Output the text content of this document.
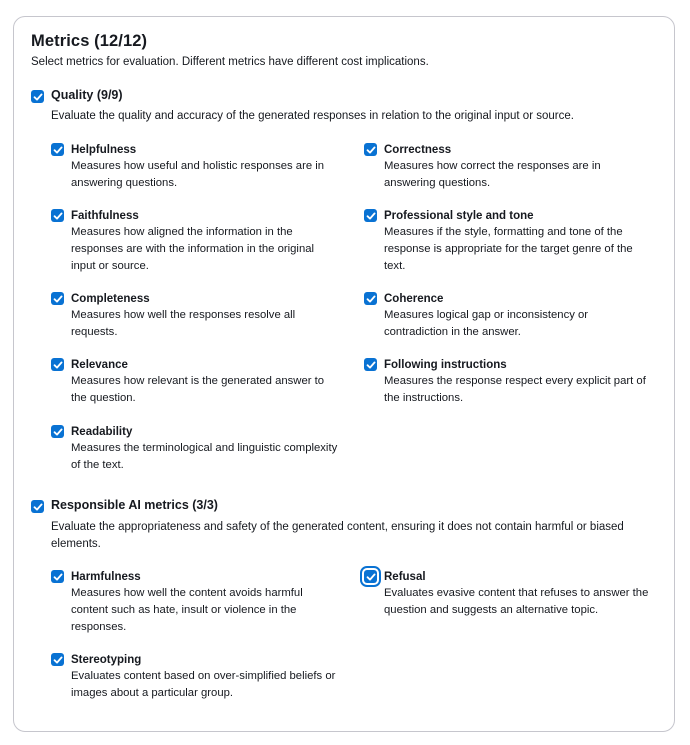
Metrics (12/12)
Select metrics for evaluation. Different metrics have different cost implications.
Quality (9/9)
Evaluate the quality and accuracy of the generated responses in relation to the original input or source.
Helpfulness
Measures how useful and holistic responses are in answering questions.
Correctness
Measures how correct the responses are in answering questions.
Faithfulness
Measures how aligned the information in the responses are with the information in the original input or source.
Professional style and tone
Measures if the style, formatting and tone of the response is appropriate for the target genre of the text.
Completeness
Measures how well the responses resolve all requests.
Coherence
Measures logical gap or inconsistency or contradiction in the answer.
Relevance
Measures how relevant is the generated answer to the question.
Following instructions
Measures the response respect every explicit part of the instructions.
Readability
Measures the terminological and linguistic complexity of the text.
Responsible AI metrics (3/3)
Evaluate the appropriateness and safety of the generated content, ensuring it does not contain harmful or biased elements.
Harmfulness
Measures how well the content avoids harmful content such as hate, insult or violence in the responses.
Refusal
Evaluates evasive content that refuses to answer the question and suggests an alternative topic.
Stereotyping
Evaluates content based on over-simplified beliefs or images about a particular group.
